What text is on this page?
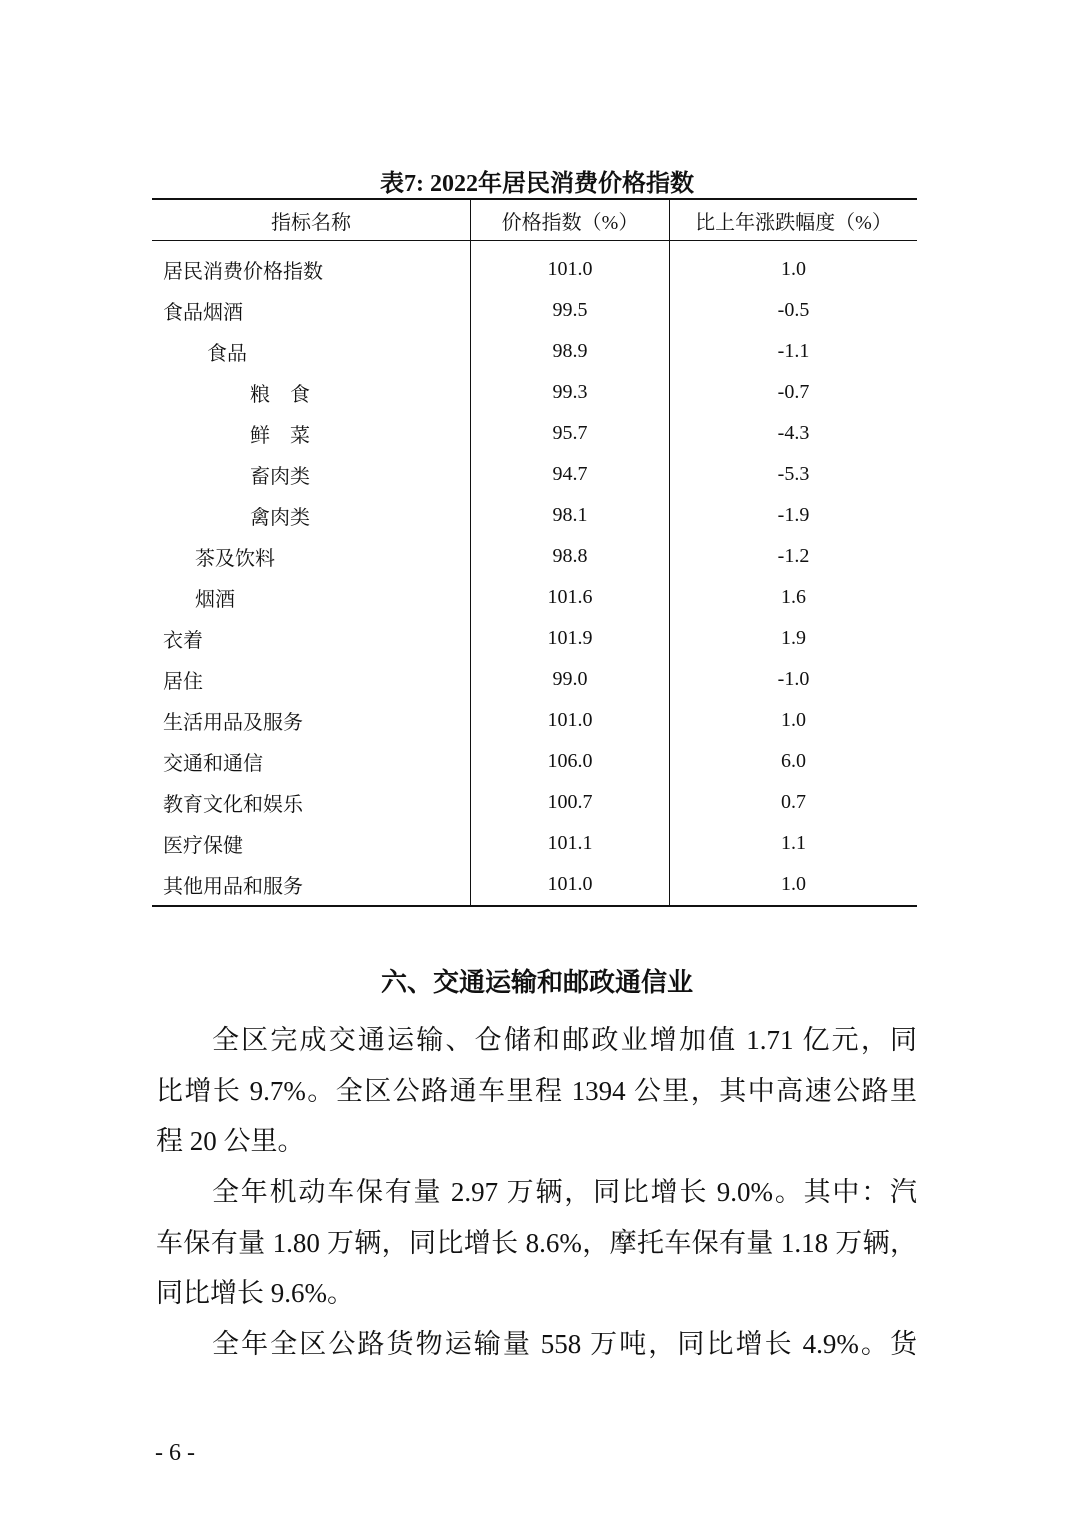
表7: 2022年居民消费价格指数
指标名称	价格指数（%）	比上年涨跌幅度（%）
居民消费价格指数	101.0	1.0
食品烟酒	99.5	-0.5
食品	98.9	-1.1
粮　食	99.3	-0.7
鲜　菜	95.7	-4.3
畜肉类	94.7	-5.3
禽肉类	98.1	-1.9
茶及饮料	98.8	-1.2
烟酒	101.6	1.6
衣着	101.9	1.9
居住	99.0	-1.0
生活用品及服务	101.0	1.0
交通和通信	106.0	6.0
教育文化和娱乐	100.7	0.7
医疗保健	101.1	1.1
其他用品和服务	101.0	1.0
六、交通运输和邮政通信业
全区完成交通运输、仓储和邮政业增加值 1.71 亿元，同
比增长 9.7%。全区公路通车里程 1394 公里，其中高速公路里
程 20 公里。
全年机动车保有量 2.97 万辆，同比增长 9.0%。其中：汽
车保有量 1.80 万辆，同比增长 8.6%，摩托车保有量 1.18 万辆，
同比增长 9.6%。
全年全区公路货物运输量 558 万吨，同比增长 4.9%。货
- 6 -
